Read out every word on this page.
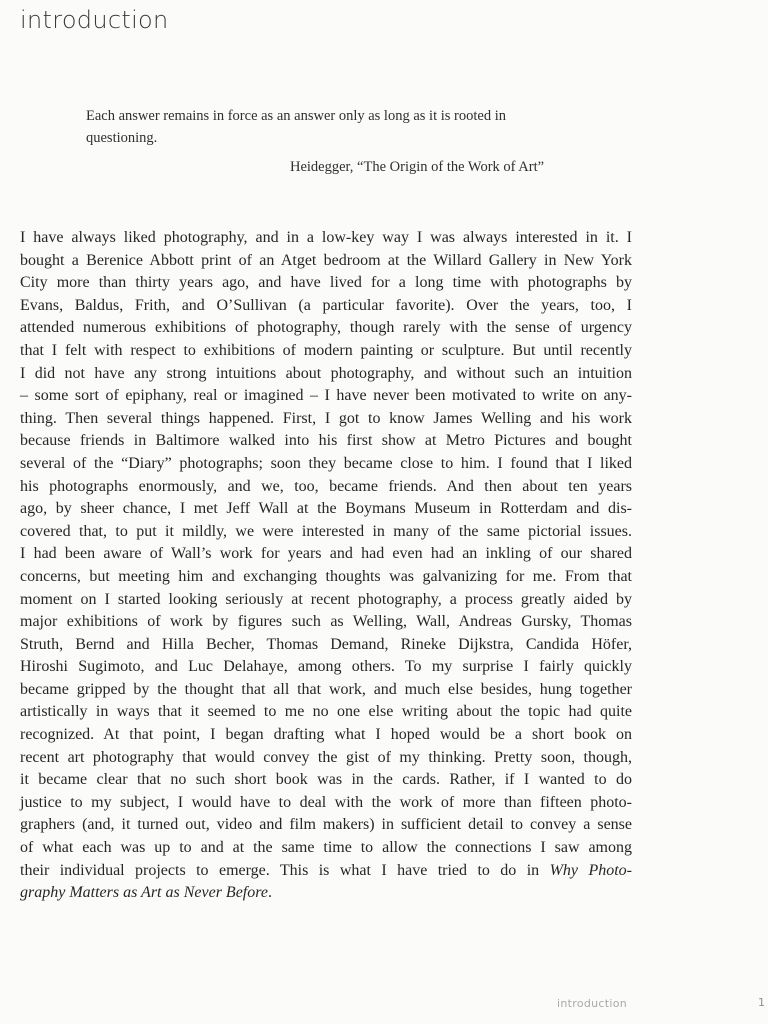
introduction

Each answer remains in force as an answer only as long as it is rooted in questioning.

Heidegger, “The Origin of the Work of Art”

I have always liked photography, and in a low-key way I was always interested in it. I
bought a Berenice Abbott print of an Atget bedroom at the Willard Gallery in New York
City more than thirty years ago, and have lived for a long time with photographs by
Evans, Baldus, Frith, and O’Sullivan (a particular favorite). Over the years, too, I
attended numerous exhibitions of photography, though rarely with the sense of urgency
that I felt with respect to exhibitions of modern painting or sculpture. But until recently
I did not have any strong intuitions about photography, and without such an intuition
– some sort of epiphany, real or imagined – I have never been motivated to write on any-
thing. Then several things happened. First, I got to know James Welling and his work
because friends in Baltimore walked into his first show at Metro Pictures and bought
several of the “Diary” photographs; soon they became close to him. I found that I liked
his photographs enormously, and we, too, became friends. And then about ten years
ago, by sheer chance, I met Jeff Wall at the Boymans Museum in Rotterdam and dis-
covered that, to put it mildly, we were interested in many of the same pictorial issues.
I had been aware of Wall’s work for years and had even had an inkling of our shared
concerns, but meeting him and exchanging thoughts was galvanizing for me. From that
moment on I started looking seriously at recent photography, a process greatly aided by
major exhibitions of work by figures such as Welling, Wall, Andreas Gursky, Thomas
Struth, Bernd and Hilla Becher, Thomas Demand, Rineke Dijkstra, Candida Höfer,
Hiroshi Sugimoto, and Luc Delahaye, among others. To my surprise I fairly quickly
became gripped by the thought that all that work, and much else besides, hung together
artistically in ways that it seemed to me no one else writing about the topic had quite
recognized. At that point, I began drafting what I hoped would be a short book on
recent art photography that would convey the gist of my thinking. Pretty soon, though,
it became clear that no such short book was in the cards. Rather, if I wanted to do
justice to my subject, I would have to deal with the work of more than fifteen photo-
graphers (and, it turned out, video and film makers) in sufficient detail to convey a sense
of what each was up to and at the same time to allow the connections I saw among
their individual projects to emerge. This is what I have tried to do in Why Photo-
graphy Matters as Art as Never Before.
introduction	1
